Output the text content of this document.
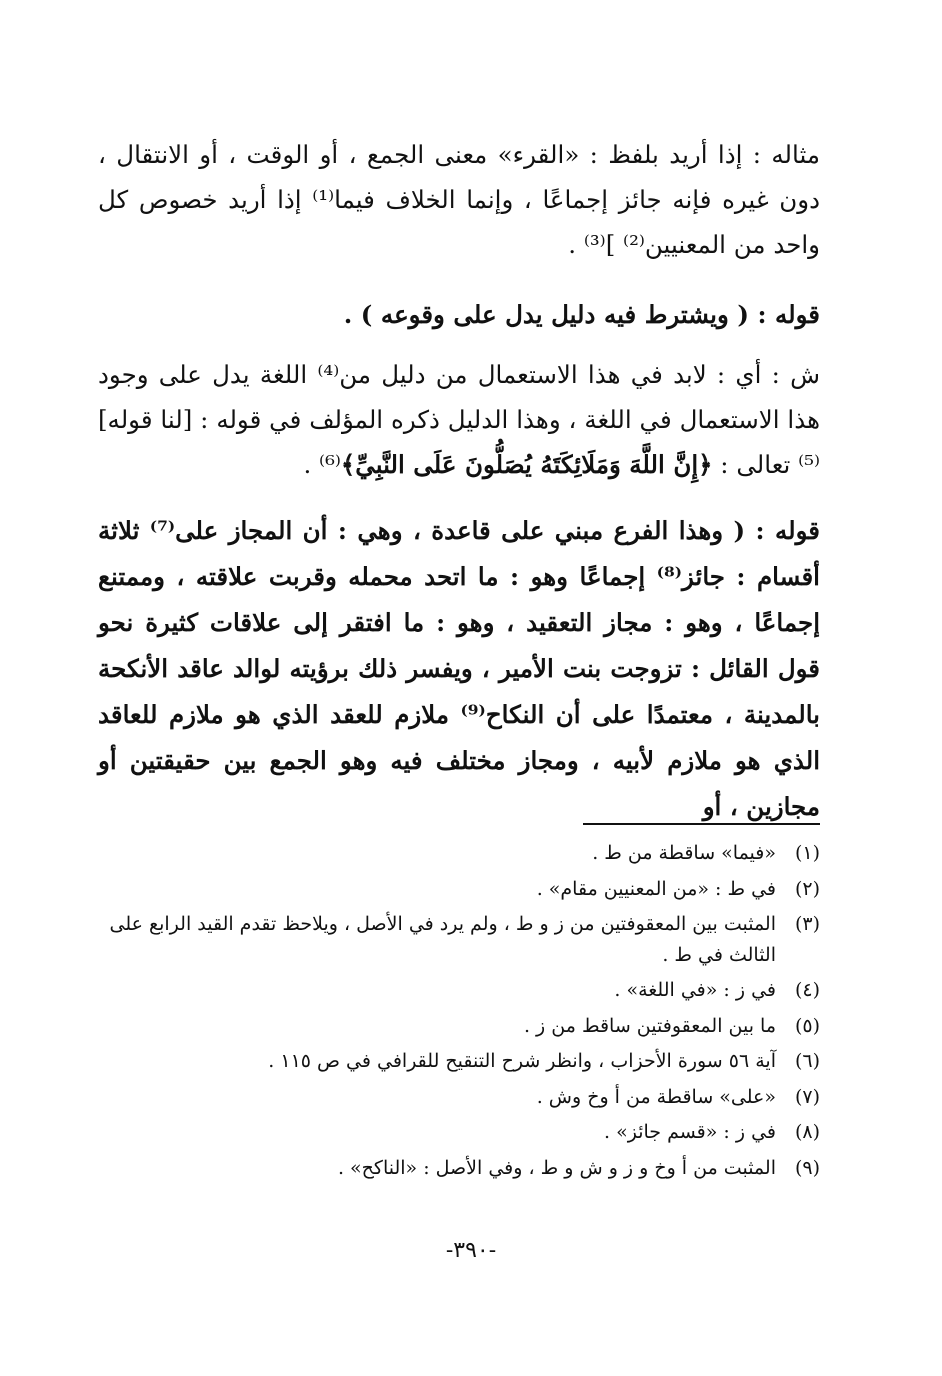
مثاله : إذا أريد بلفظ : «القرء» معنى الجمع ، أو الوقت ، أو الانتقال ، دون غيره فإنه جائز إجماعًا ، وإنما الخلاف فيما⁽¹⁾ إذا أريد خصوص كل واحد من المعنيين⁽²⁾ ]⁽³⁾ .

قوله : ( ويشترط فيه دليل يدل على وقوعه ) .

ش : أي : لابد في هذا الاستعمال من دليل من⁽⁴⁾ اللغة يدل على وجود هذا الاستعمال في اللغة ، وهذا الدليل ذكره المؤلف في قوله : [لنا قوله]⁽⁵⁾ تعالى : ﴿إِنَّ اللَّهَ وَمَلَائِكَتَهُ يُصَلُّونَ عَلَى النَّبِيِّ﴾⁽⁶⁾ .

قوله : ( وهذا الفرع مبني على قاعدة ، وهي : أن المجاز على⁽⁷⁾ ثلاثة أقسام : جائز⁽⁸⁾ إجماعًا وهو : ما اتحد محمله وقربت علاقته ، وممتنع إجماعًا ، وهو : مجاز التعقيد ، وهو : ما افتقر إلى علاقات كثيرة نحو قول القائل : تزوجت بنت الأمير ، ويفسر ذلك برؤيته لوالد عاقد الأنكحة بالمدينة ، معتمدًا على أن النكاح⁽⁹⁾ ملازم للعقد الذي هو ملازم للعاقد الذي هو ملازم لأبيه ، ومجاز مختلف فيه وهو الجمع بين حقيقتين أو مجازين ، أو

(١)
«فيما» ساقطة من ط .
(٢)
في ط : «من المعنيين مقام» .
(٣)
المثبت بين المعقوفتين من ز و ط ، ولم يرد في الأصل ، ويلاحظ تقدم القيد الرابع على الثالث في ط .
(٤)
في ز : «في اللغة» .
(٥)
ما بين المعقوفتين ساقط من ز .
(٦)
آية ٥٦ سورة الأحزاب ، وانظر شرح التنقيح للقرافي في ص ١١٥ .
(٧)
«على» ساقطة من أ وخ وش .
(٨)
في ز : «قسم جائز» .
(٩)
المثبت من أ وخ و ز و ش و ط ، وفي الأصل : «الناكح» .
-٣٩٠-
